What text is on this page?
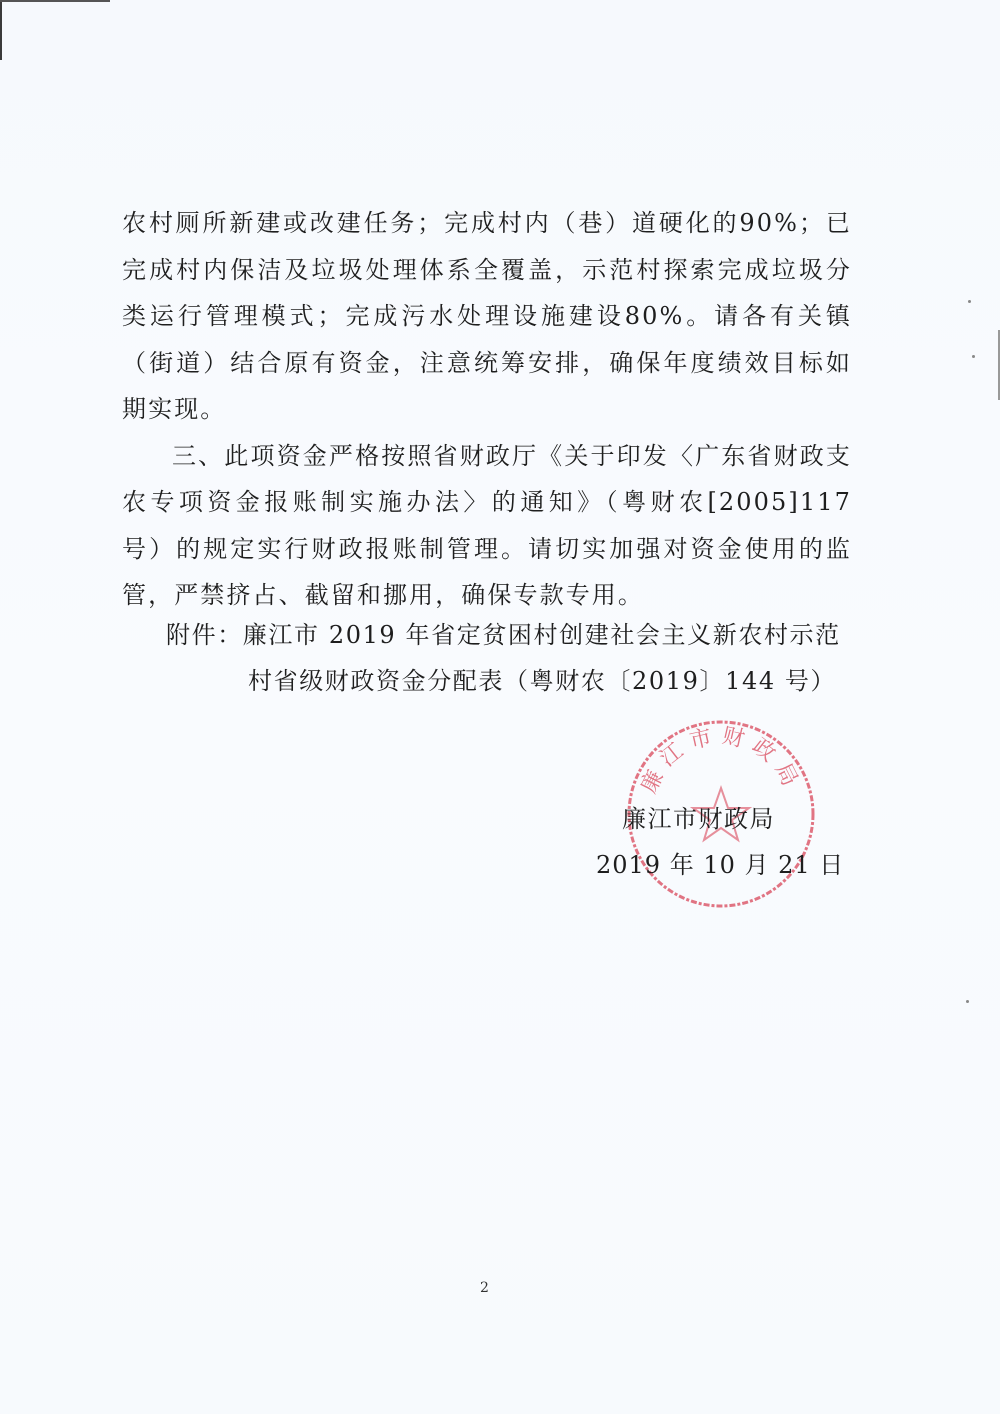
农村厕所新建或改建任务；完成村内（巷）道硬化的90%；已完成村内保洁及垃圾处理体系全覆盖，示范村探索完成垃圾分类运行管理模式；完成污水处理设施建设80%。请各有关镇（街道）结合原有资金，注意统筹安排，确保年度绩效目标如期实现。

三、此项资金严格按照省财政厅《关于印发〈广东省财政支农专项资金报账制实施办法〉的通知》（粤财农[2005]117 号）的规定实行财政报账制管理。请切实加强对资金使用的监管，严禁挤占、截留和挪用，确保专款专用。

附件：廉江市 2019 年省定贫困村创建社会主义新农村示范
村省级财政资金分配表（粤财农〔2019〕144 号）
廉江市财政局
廉江市财政局
2019 年 10 月 21 日
2
